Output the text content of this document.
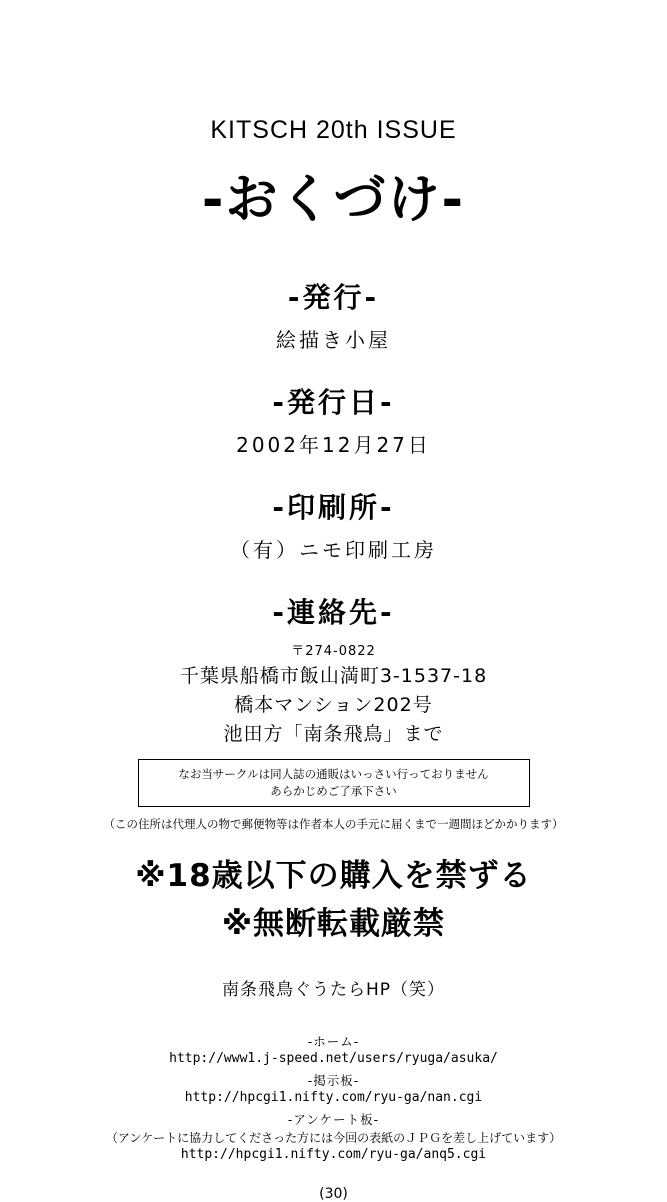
KITSCH 20th ISSUE
-おくづけ-
-発行-
絵描き小屋
-発行日-
2002年12月27日
-印刷所-
（有）ニモ印刷工房
-連絡先-
〒274-0822
千葉県船橋市飯山満町3-1537-18
橋本マンション202号
池田方「南条飛鳥」まで
なお当サークルは同人誌の通販はいっさい行っておりません
あらかじめご了承下さい
（この住所は代理人の物で郵便物等は作者本人の手元に届くまで一週間ほどかかります）
※18歳以下の購入を禁ずる
※無断転載厳禁
南条飛鳥ぐうたらHP（笑）
-ホーム-
http://www1.j-speed.net/users/ryuga/asuka/
-掲示板-
http://hpcgi1.nifty.com/ryu-ga/nan.cgi
-アンケート板-
（アンケートに協力してくださった方には今回の表紙のＪＰＧを差し上げています）
http://hpcgi1.nifty.com/ryu-ga/anq5.cgi
(30)
